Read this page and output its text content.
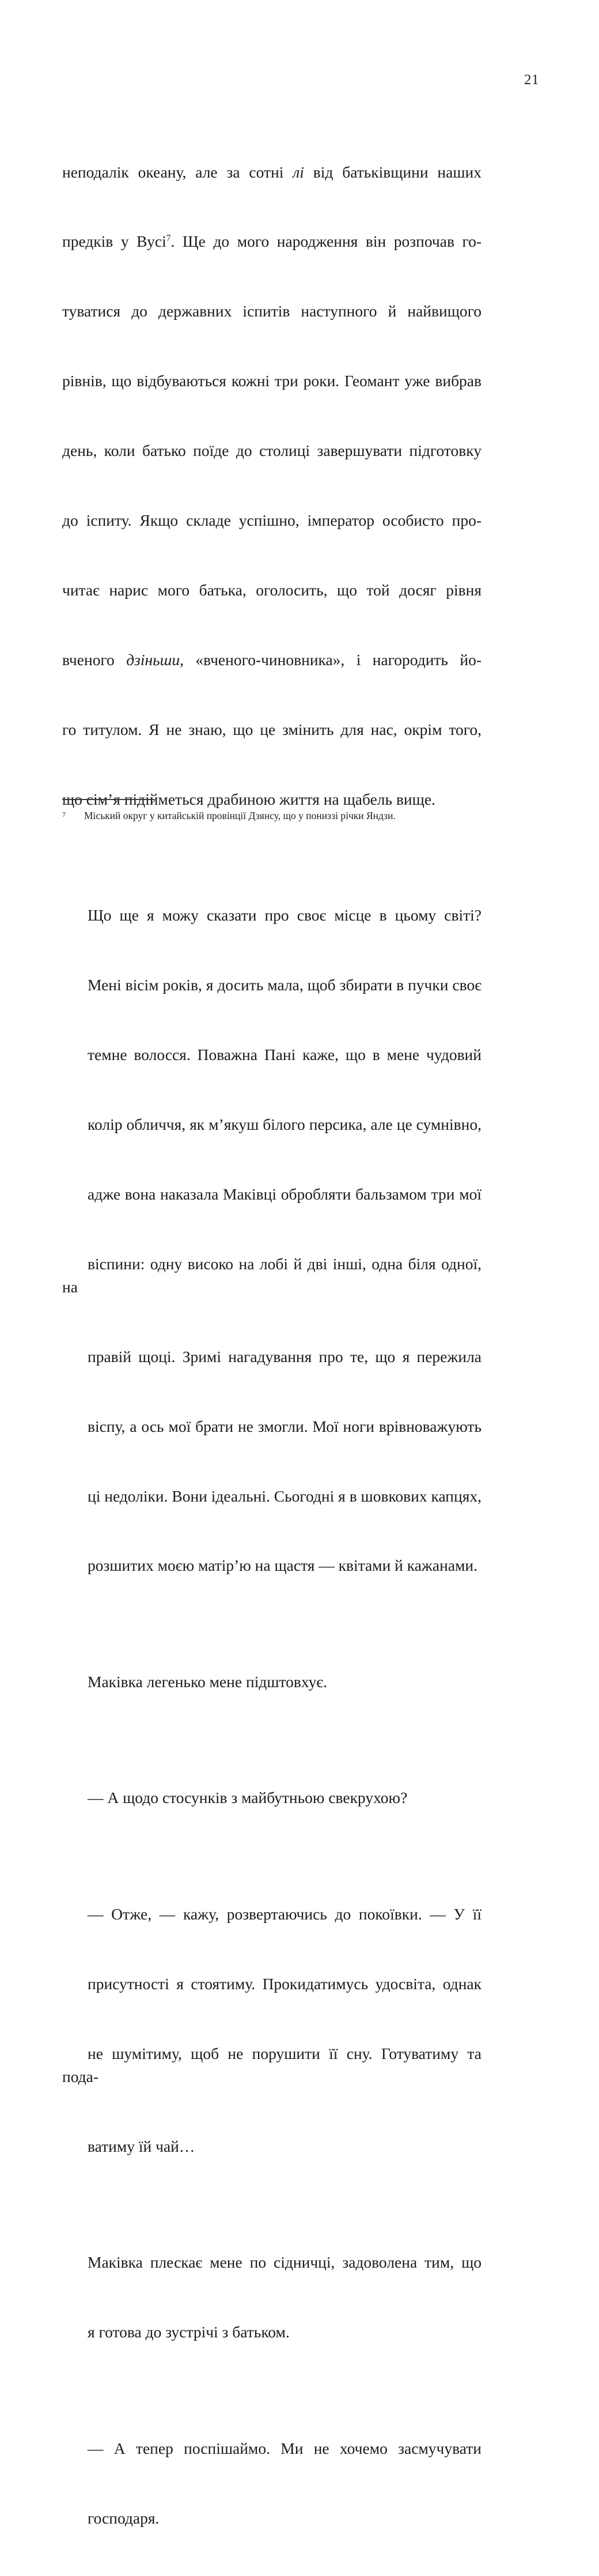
21

неподалік океану, але за сотні лі від батьківщини наших

предків у Вусі$^7$. Ще до мого народження він розпочав го-

туватися до державних іспитів наступного й найвищого

рівнів, що відбуваються кожні три роки. Геомант уже вибрав

день, коли батько поїде до столиці завершувати підготовку

до іспиту. Якщо складе успішно, імператор особисто про-

читає нарис мого батька, оголосить, що той досяг рівня

вченого дзіньши, «вченого-чиновника», і нагородить йо-

го титулом. Я не знаю, що це змінить для нас, окрім того,

що сім’я підійметься драбиною життя на щабель вище.

Що ще я можу сказати про своє місце в цьому світі?

Мені вісім років, я досить мала, щоб збирати в пучки своє

темне волосся. Поважна Пані каже, що в мене чудовий

колір обличчя, як м’якуш білого персика, але це сумнівно,

адже вона наказала Маківці обробляти бальзамом три мої

віспини: одну високо на лобі й дві інші, одна біля одної, на

правій щоці. Зримі нагадування про те, що я пережила

віспу, а ось мої брати не змогли. Мої ноги врівноважують

ці недоліки. Вони ідеальні. Сьогодні я в шовкових капцях,

розшитих моєю матір’ю на щастя — квітами й кажанами.

Маківка легенько мене підштовхує.

— А щодо стосунків з майбутньою свекрухою?

— Отже, — кажу, розвертаючись до покоївки. — У її

присутності я стоятиму. Прокидатимусь удосвіта, однак

не шумітиму, щоб не порушити її сну. Готуватиму та пода-

ватиму їй чай…

Маківка плескає мене по сідничці, задоволена тим, що

я готова до зустрічі з батьком.

— А тепер поспішаймо. Ми не хочемо засмучувати

господаря.

7	Міський округ у китайській провінції Дзянсу, що у пониззі річки Яндзи.
